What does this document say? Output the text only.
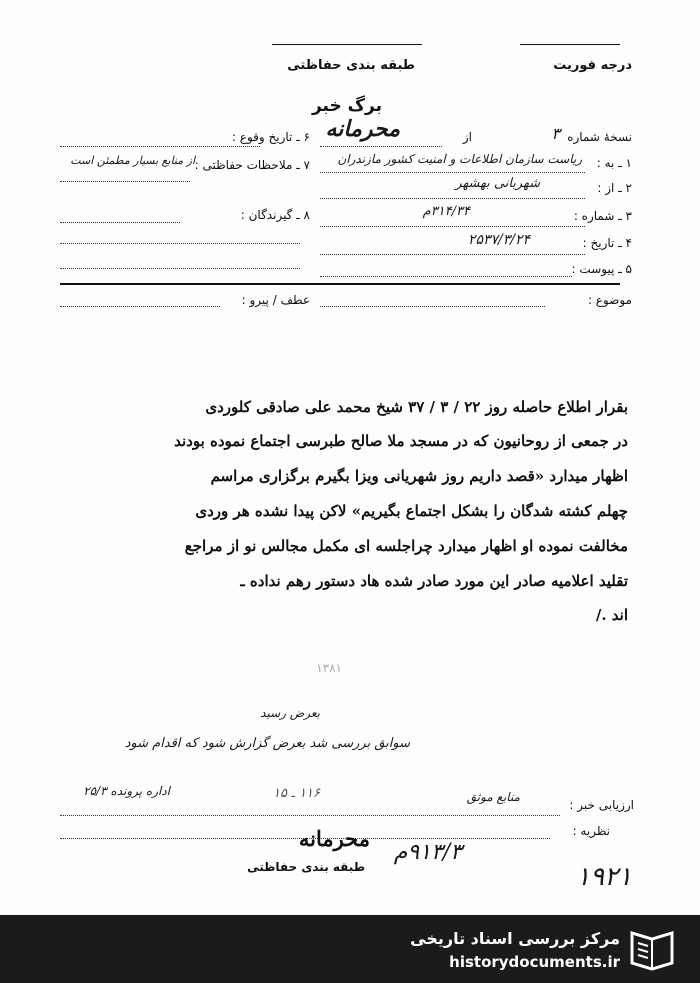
درجه فوریت
طبقه بندی حفاظتی
برگ خبر
محرمانه	نسخهٔ شماره
۳
از
۱ ـ به :
ریاست سازمان اطلاعات و امنیت کشور مازندران
۲ ـ از :
شهربانی بهشهر
۳ ـ شماره :
۳۱۴/۳۴م
۴ ـ تاریخ :
۲۵۳۷/۳/۲۴
۵ ـ پیوست :
۶ ـ تاریخ وقوع :
۷ ـ ملاحظات حفاظتی :
از منابع بسیار مطمئن است
۸ ـ گیرندگان :
موضوع :
عطف / پیرو :
بقرار اطلاع حاصله روز ۲۲ / ۳ / ۳۷ شیخ محمد علی صادقی کلوردی
در جمعی از روحانیون که در مسجد ملا صالح طبرسی اجتماع نموده بودند
اظهار میدارد «قصد داریم روز شهریانی ویزا بگیرم برگزاری مراسم
چهلم کشته شدگان را بشکل اجتماع بگیریم» لاکن پیدا نشده هر وردی
مخالفت نموده او اظهار میدارد چراجلسه ای مکمل مجالس نو از مراجع
تقلید اعلامیه صادر این مورد صادر شده هاد دستور رهم نداده ـ
اند ./
۱۳۸۱
بعرض رسید
سوابق بررسی شد بعرض گزارش شود که اقدام شود
اداره پرونده ۲۵/۳	۱۱۶ ـ ۱۵
ارزیابی خبر :
منابع موثق
نظریه :
محرمانه
طبقه بندی حفاظتی
۹۱۳/۳م
۱۹۲۱
مرکز بررسی اسناد تاریخی
historydocuments.ir
